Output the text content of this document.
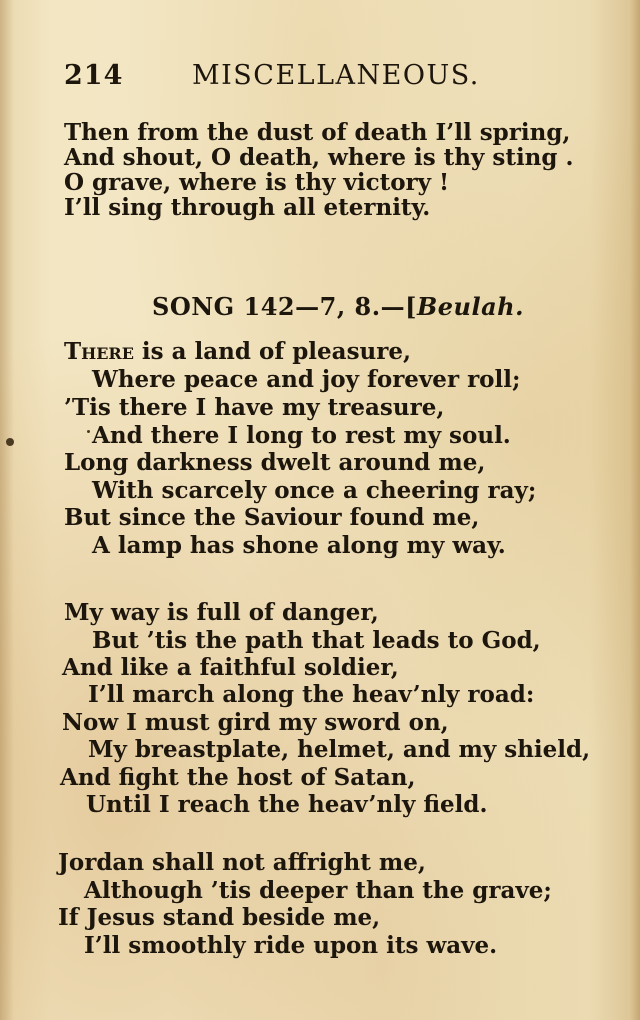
214	MISCELLANEOUS.
Then from the dust of death I’ll spring,
And shout, O death, where is thy sting .
O grave, where is thy victory !
I’ll sing through all eternity.
SONG 142—7, 8.—[Beulah.
There is a land of pleasure,
Where peace and joy forever roll;
’Tis there I have my treasure,
And there I long to rest my soul.
Long darkness dwelt around me,
With scarcely once a cheering ray;
But since the Saviour found me,
A lamp has shone along my way.
My way is full of danger,
But ’tis the path that leads to God,
And like a faithful soldier,
I’ll march along the heav’nly road:
Now I must gird my sword on,
My breastplate, helmet, and my shield,
And fight the host of Satan,
Until I reach the heav’nly field.
Jordan shall not affright me,
Although ’tis deeper than the grave;
If Jesus stand beside me,
I’ll smoothly ride upon its wave.
